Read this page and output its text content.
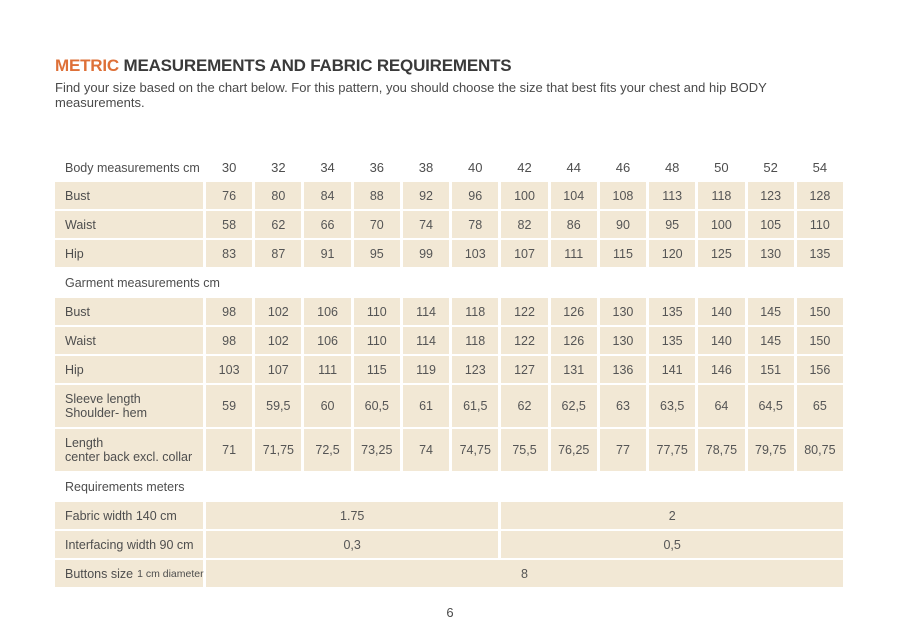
METRIC MEASUREMENTS AND FABRIC REQUIREMENTS

Find your size based on the chart below. For this pattern, you should choose the size that best fits your chest and hip BODY
measurements.

Body measurements cm	30	32	34	36	38	40	42	44	46	48	50	52	54
Bust	76	80	84	88	92	96	100	104	108	113	118	123	128
Waist	58	62	66	70	74	78	82	86	90	95	100	105	110
Hip	83	87	91	95	99	103	107	111	115	120	125	130	135
Garment measurements cm
Bust	98	102	106	110	114	118	122	126	130	135	140	145	150
Waist	98	102	106	110	114	118	122	126	130	135	140	145	150
Hip	103	107	111	115	119	123	127	131	136	141	146	151	156
Sleeve length
Shoulder- hem	59	59,5	60	60,5	61	61,5	62	62,5	63	63,5	64	64,5	65
Length
center back excl. collar	71	71,75	72,5	73,25	74	74,75	75,5	76,25	77	77,75	78,75	79,75	80,75
Requirements meters
Fabric width 140 cm	1.75	2
Interfacing width 90 cm	0,3	0,5
Buttons size 1 cm diameter	8
6
